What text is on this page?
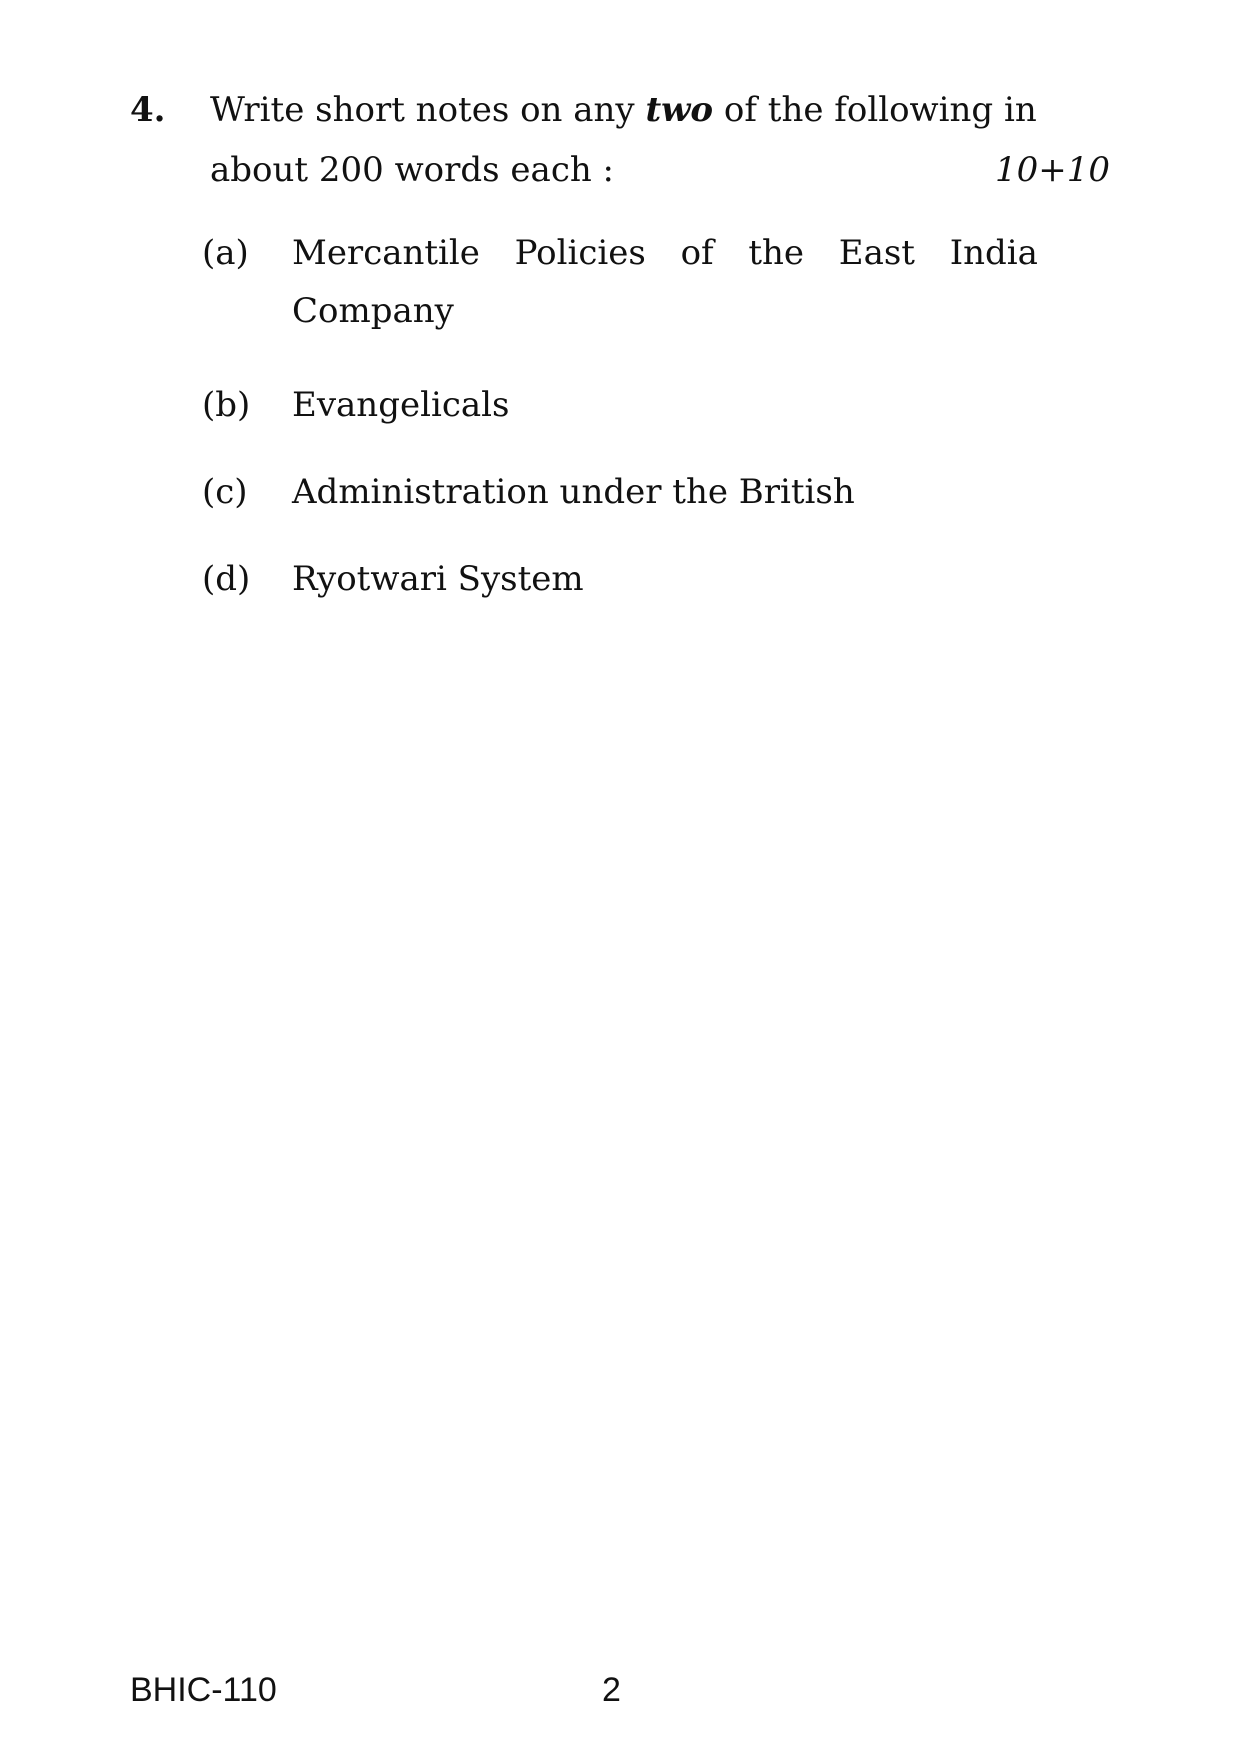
4. Write short notes on any two of the following in
about 200 words each :	10+10
(a) Mercantile Policies of the East India
Company
(b) Evangelicals
(c) Administration under the British
(d) Ryotwari System
BHIC-110	2
